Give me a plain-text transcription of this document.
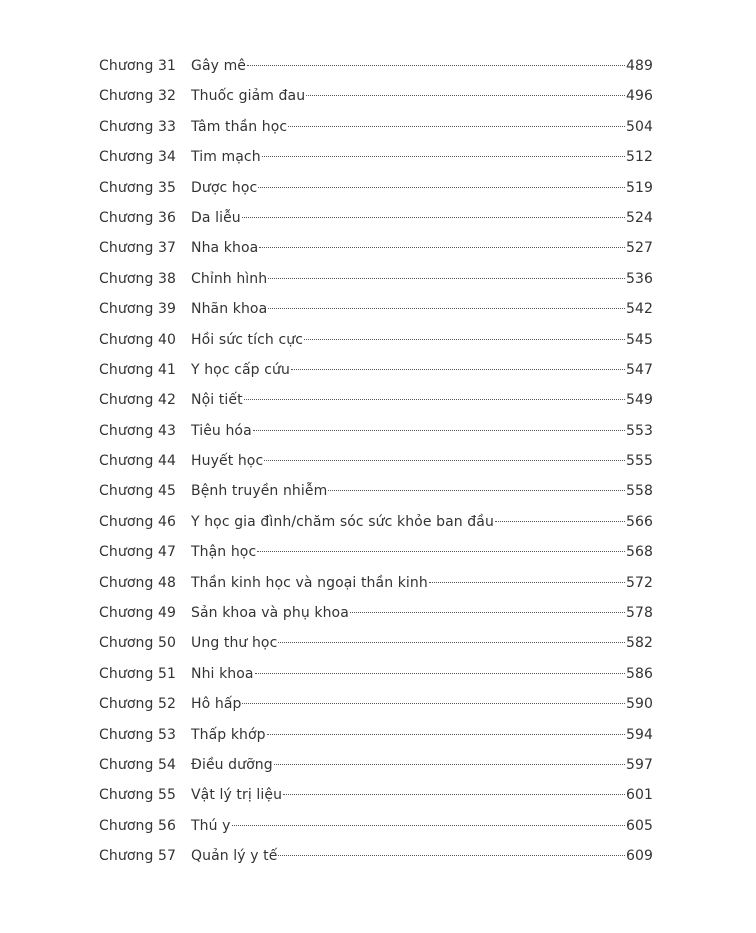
Chương 31	Gây mê	489
Chương 32	Thuốc giảm đau	496
Chương 33	Tâm thần học	504
Chương 34	Tim mạch	512
Chương 35	Dược học	519
Chương 36	Da liễu	524
Chương 37	Nha khoa	527
Chương 38	Chỉnh hình	536
Chương 39	Nhãn khoa	542
Chương 40	Hồi sức tích cực	545
Chương 41	Y học cấp cứu	547
Chương 42	Nội tiết	549
Chương 43	Tiêu hóa	553
Chương 44	Huyết học	555
Chương 45	Bệnh truyền nhiễm	558
Chương 46	Y học gia đình/chăm sóc sức khỏe ban đầu	566
Chương 47	Thận học	568
Chương 48	Thần kinh học và ngoại thần kinh	572
Chương 49	Sản khoa và phụ khoa	578
Chương 50	Ung thư học	582
Chương 51	Nhi khoa	586
Chương 52	Hô hấp	590
Chương 53	Thấp khớp	594
Chương 54	Điều dưỡng	597
Chương 55	Vật lý trị liệu	601
Chương 56	Thú y	605
Chương 57	Quản lý y tế	609
